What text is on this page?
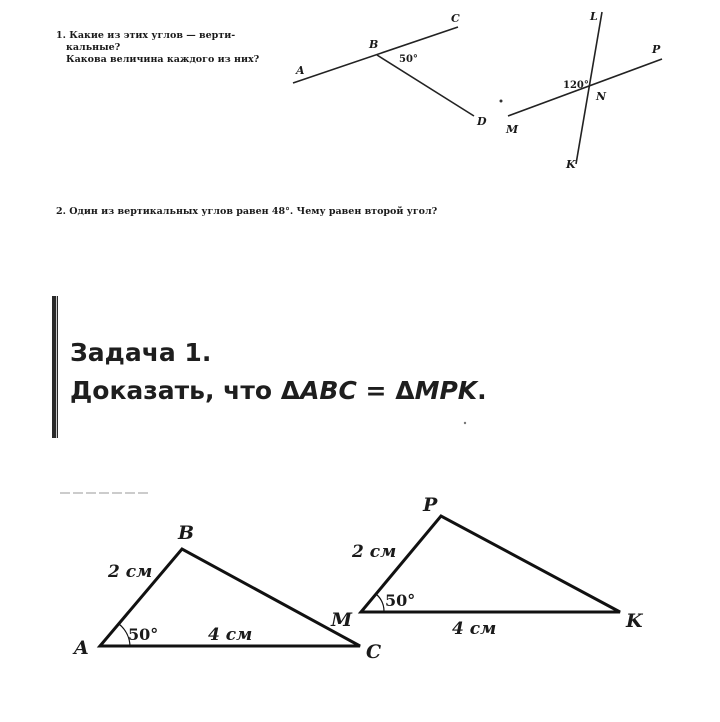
1. Какие из этих углов — верти-
кальные?
Какова величина каждого из них?
2. Один из вертикальных углов равен 48°. Чему равен второй угол?
Задача 1.
Доказать, что ΔABC = ΔMPK.
A
B
C
D
50°
L
P
N
M
K
120°
A
B
C
2 см
4 см
50°
M
P
K
2 см
4 см
50°
